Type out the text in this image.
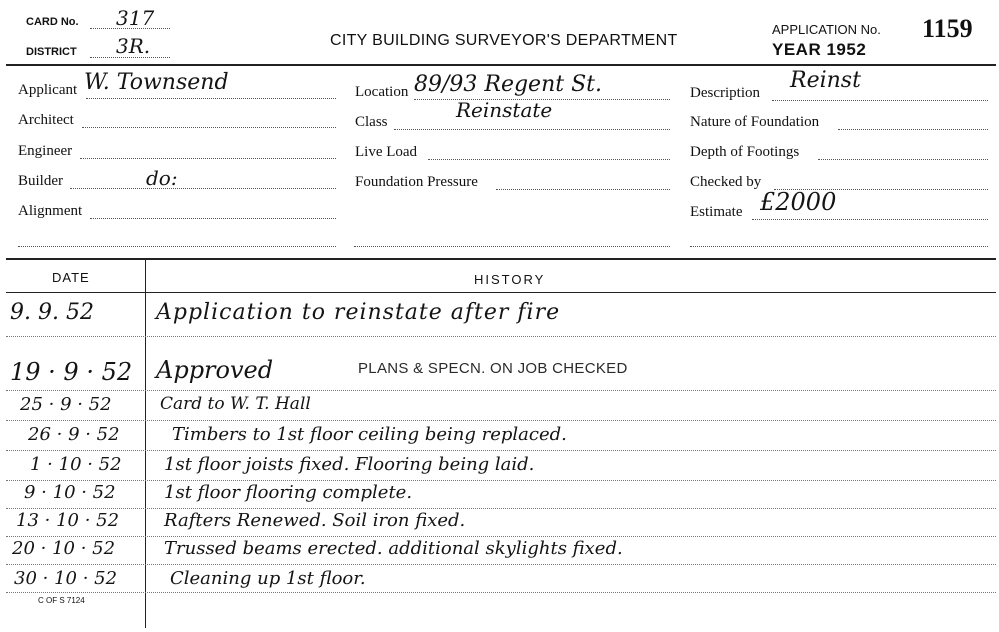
CARD No. 317
DISTRICT 3R.	CITY BUILDING SURVEYOR'S DEPARTMENT
APPLICATION No. 1159
YEAR 1952
Applicant W. Townsend
Architect
Engineer
Builder	do:
Alignment
Location 89/93 Regent St.
Class	Reinstate
Live Load
Foundation Pressure
Description Reinst
Nature of Foundation
Depth of Footings
Checked by
Estimate £2000
DATE	HISTORY
9. 9. 52	Application to reinstate after fire
19 · 9 · 52 Approved	PLANS & SPECN. ON JOB CHECKED
25 · 9 · 52	Card to W. T. Hall
26 · 9 · 52	Timbers to 1st floor ceiling being replaced.
1 · 10 · 52 1st floor joists fixed. Flooring being laid.
9 · 10 · 52	1st floor flooring complete.
13 · 10 · 52 Rafters Renewed. Soil iron fixed.
20 · 10 · 52	Trussed beams erected. additional skylights fixed.
30 · 10 · 52	Cleaning up 1st floor.
C OF S 7124
